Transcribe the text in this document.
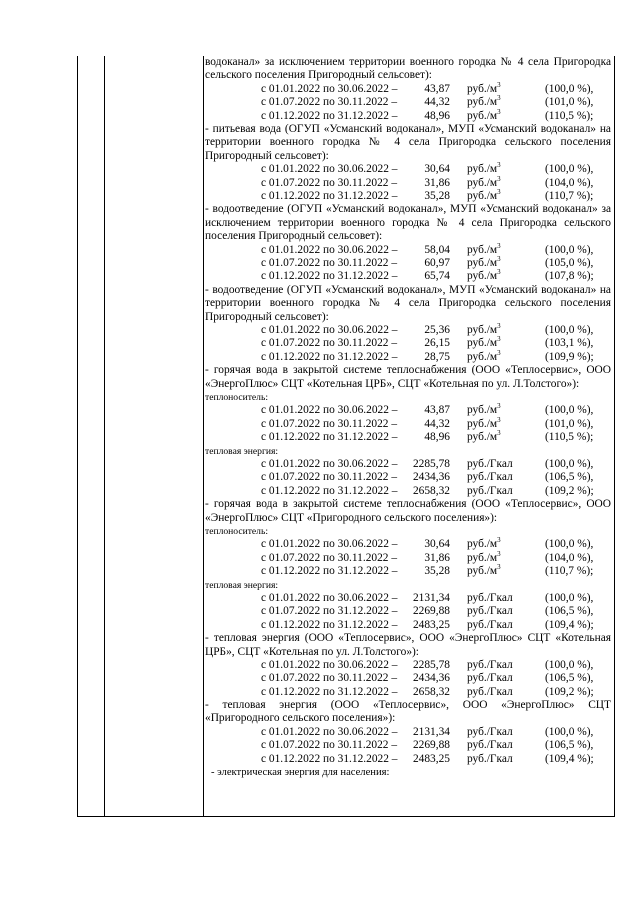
водоканал» за исключением территории военного городка № 4 села Пригородка сельского поселения Пригородный сельсовет):

с 01.01.2022 по 30.06.2022 – 43,87 $руб./м^3$	(100,0 %),
с 01.07.2022 по 30.11.2022 – 44,32 $руб./м^3$	(101,0 %),
с 01.12.2022 по 31.12.2022 – 48,96 $руб./м^3$	(110,5 %);

- питьевая вода (ОГУП «Усманский водоканал», МУП «Усманский водоканал» на территории военного городка № 4 села Пригородка сельского поселения Пригородный сельсовет):

с 01.01.2022 по 30.06.2022 – 30,64 $руб./м^3$	(100,0 %),
с 01.07.2022 по 30.11.2022 – 31,86 $руб./м^3$	(104,0 %),
с 01.12.2022 по 31.12.2022 – 35,28 $руб./м^3$	(110,7 %);

- водоотведение (ОГУП «Усманский водоканал», МУП «Усманский водоканал» за исключением территории военного городка № 4 села Пригородка сельского поселения Пригородный сельсовет):

с 01.01.2022 по 30.06.2022 – 58,04 $руб./м^3$	(100,0 %),
с 01.07.2022 по 30.11.2022 – 60,97 $руб./м^3$	(105,0 %),
с 01.12.2022 по 31.12.2022 – 65,74 $руб./м^3$	(107,8 %);

- водоотведение (ОГУП «Усманский водоканал», МУП «Усманский водоканал» на территории военного городка № 4 села Пригородка сельского поселения Пригородный сельсовет):

с 01.01.2022 по 30.06.2022 – 25,36 $руб./м^3$	(100,0 %),
с 01.07.2022 по 30.11.2022 – 26,15 $руб./м^3$	(103,1 %),
с 01.12.2022 по 31.12.2022 – 28,75 $руб./м^3$	(109,9 %);

- горячая вода в закрытой системе теплоснабжения (ООО «Теплосервис», ООО «ЭнергоПлюс» СЦТ «Котельная ЦРБ», СЦТ «Котельная по ул. Л.Толстого»):

теплоноситель:

с 01.01.2022 по 30.06.2022 – 43,87 $руб./м^3$	(100,0 %),
с 01.07.2022 по 30.11.2022 – 44,32 $руб./м^3$	(101,0 %),
с 01.12.2022 по 31.12.2022 – 48,96 $руб./м^3$	(110,5 %);

тепловая энергия:

с 01.01.2022 по 30.06.2022 – 2285,78 руб./Гкал	(100,0 %),
с 01.07.2022 по 30.11.2022 – 2434,36 руб./Гкал	(106,5 %),
с 01.12.2022 по 31.12.2022 – 2658,32 руб./Гкал	(109,2 %);

- горячая вода в закрытой системе теплоснабжения (ООО «Теплосервис», ООО «ЭнергоПлюс» СЦТ «Пригородного сельского поселения»):

теплоноситель:

с 01.01.2022 по 30.06.2022 – 30,64 $руб./м^3$	(100,0 %),
с 01.07.2022 по 30.11.2022 – 31,86 $руб./м^3$	(104,0 %),
с 01.12.2022 по 31.12.2022 – 35,28 $руб./м^3$	(110,7 %);

тепловая энергия:

с 01.01.2022 по 30.06.2022 – 2131,34 руб./Гкал	(100,0 %),
с 01.07.2022 по 31.12.2022 – 2269,88 руб./Гкал	(106,5 %),
с 01.12.2022 по 31.12.2022 – 2483,25 руб./Гкал	(109,4 %);

- тепловая энергия (ООО «Теплосервис», ООО «ЭнергоПлюс» СЦТ «Котельная ЦРБ», СЦТ «Котельная по ул. Л.Толстого»):

с 01.01.2022 по 30.06.2022 – 2285,78 руб./Гкал	(100,0 %),
с 01.07.2022 по 30.11.2022 – 2434,36 руб./Гкал	(106,5 %),
с 01.12.2022 по 31.12.2022 – 2658,32 руб./Гкал	(109,2 %);

- тепловая энергия (ООО «Теплосервис», ООО «ЭнергоПлюс» СЦТ «Пригородного сельского поселения»):

с 01.01.2022 по 30.06.2022 – 2131,34 руб./Гкал	(100,0 %),
с 01.07.2022 по 30.11.2022 – 2269,88 руб./Гкал	(106,5 %),
с 01.12.2022 по 31.12.2022 – 2483,25 руб./Гкал	(109,4 %);

- электрическая энергия для населения:
